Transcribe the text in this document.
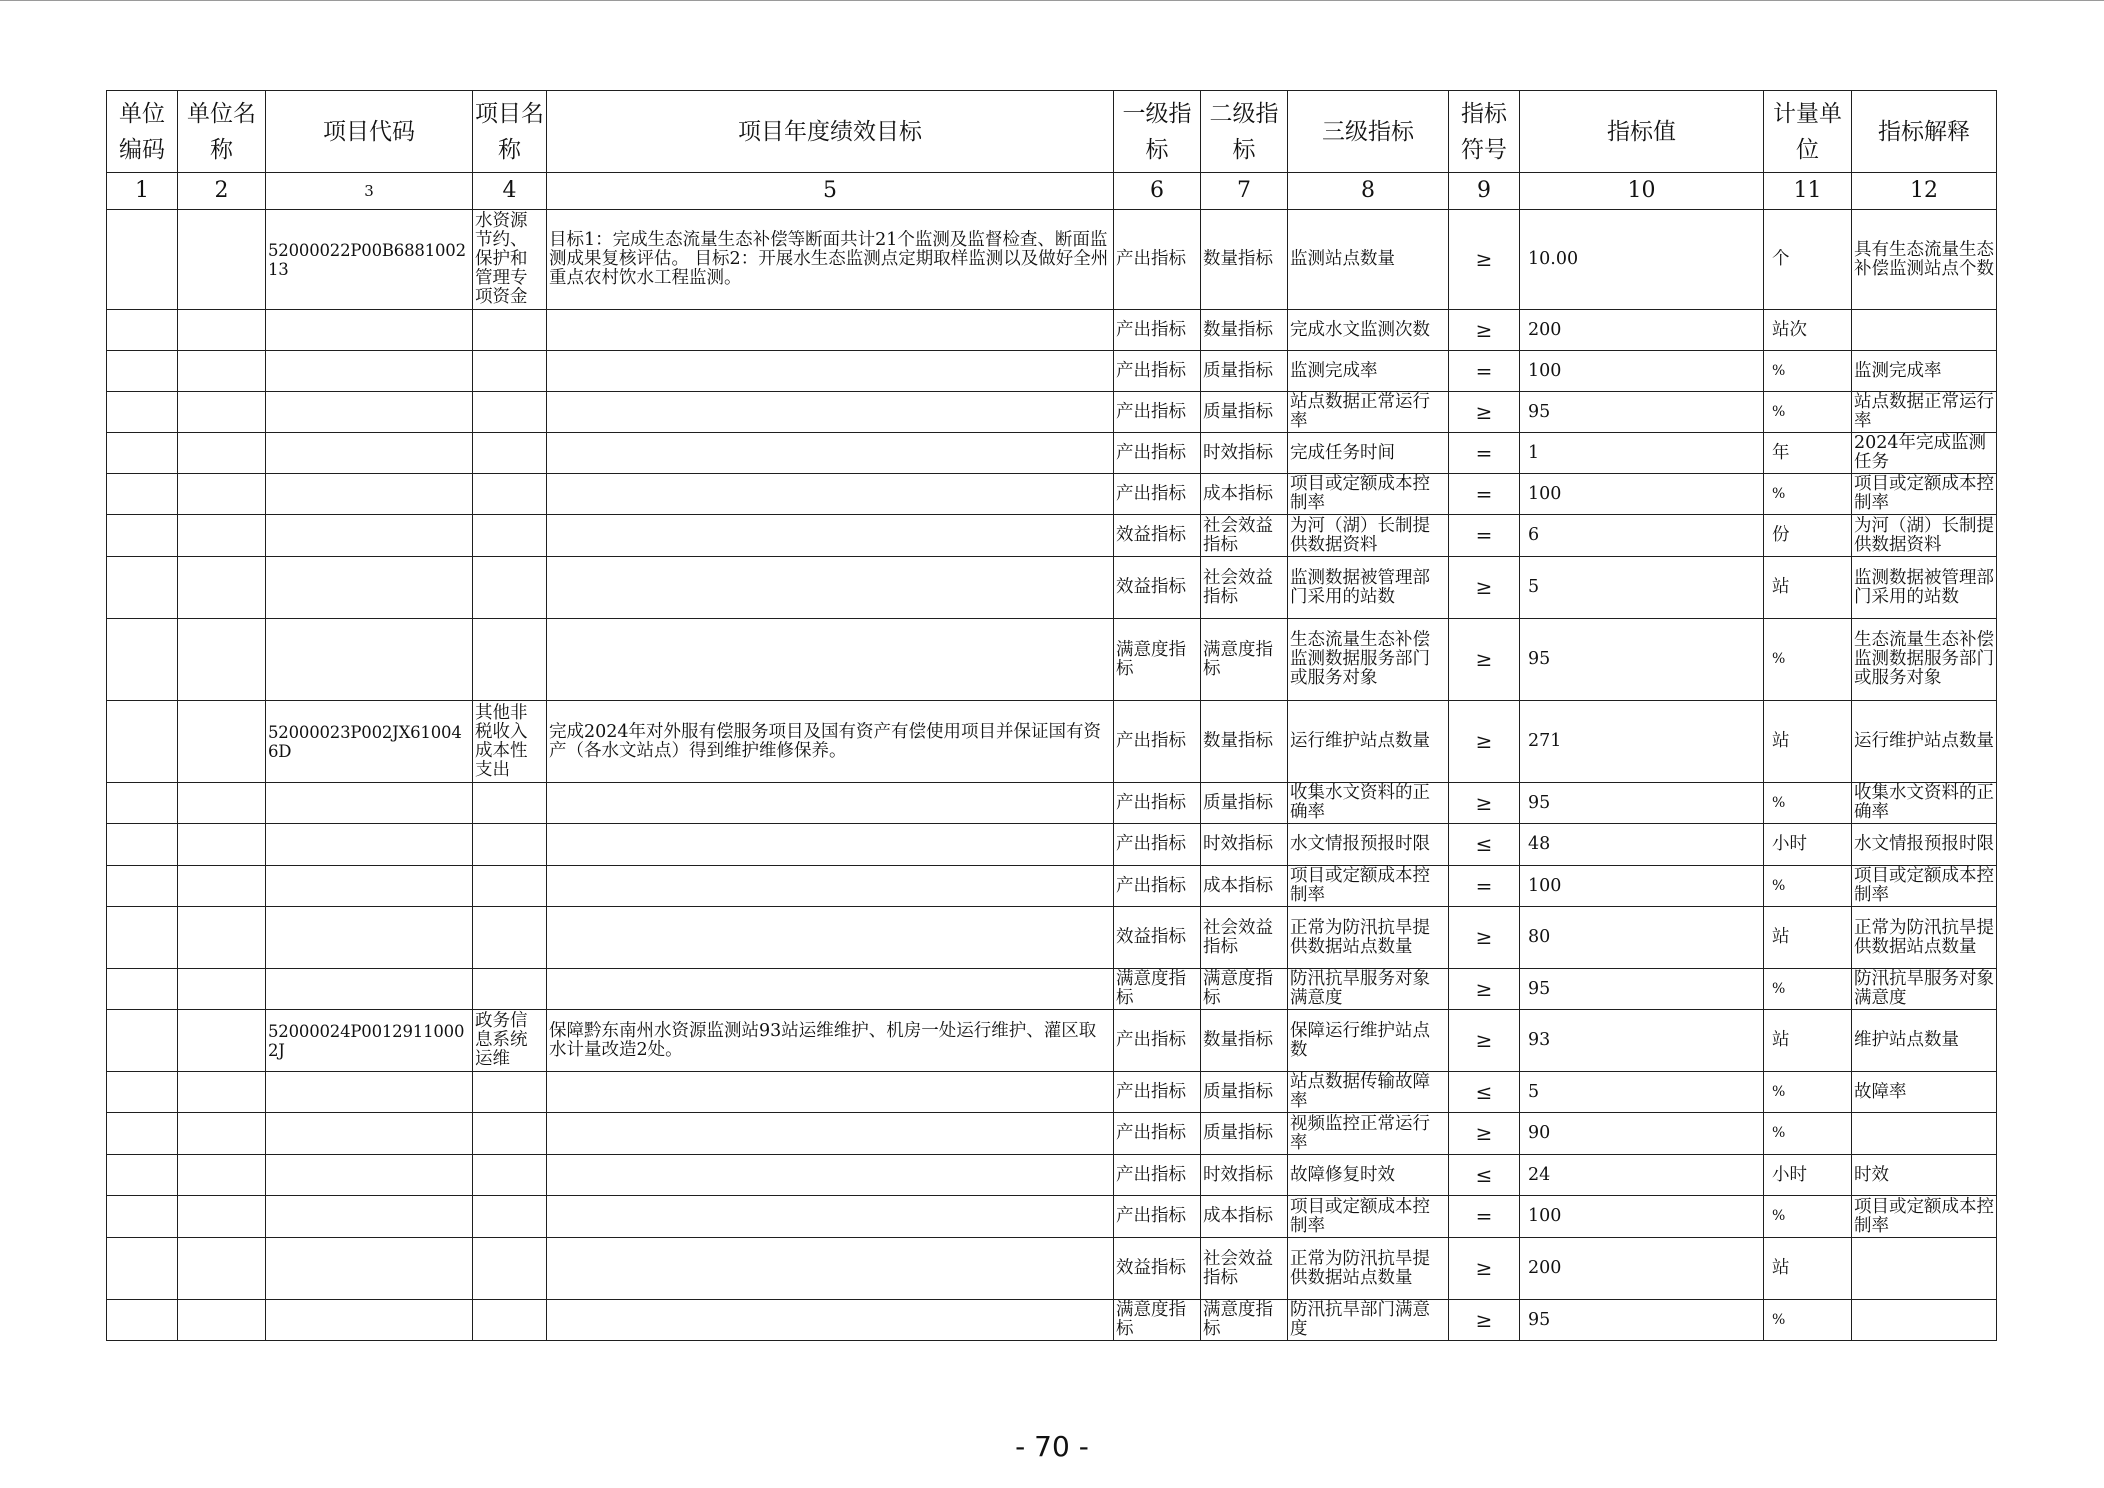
单位编码	单位名称	项目代码	项目名称	项目年度绩效目标	一级指标	二级指标	三级指标	指标符号	指标值	计量单位	指标解释
1	2	3	4	5	6	7	8	9	10	11	12
		52000022P00B688100213	水资源节约、保护和管理专项资金	目标1：完成生态流量生态补偿等断面共计21个监测及监督检查、断面监测成果复核评估。 目标2：开展水生态监测点定期取样监测以及做好全州重点农村饮水工程监测。	产出指标	数量指标	监测站点数量	≥	10.00	个	具有生态流量生态补偿监测站点个数
					产出指标	数量指标	完成水文监测次数	≥	200	站次	
					产出指标	质量指标	监测完成率	=	100	%	监测完成率
					产出指标	质量指标	站点数据正常运行率	≥	95	%	站点数据正常运行率
					产出指标	时效指标	完成任务时间	=	1	年	2024年完成监测任务
					产出指标	成本指标	项目或定额成本控制率	=	100	%	项目或定额成本控制率
					效益指标	社会效益指标	为河（湖）长制提供数据资料	=	6	份	为河（湖）长制提供数据资料
					效益指标	社会效益指标	监测数据被管理部门采用的站数	≥	5	站	监测数据被管理部门采用的站数
					满意度指标	满意度指标	生态流量生态补偿监测数据服务部门或服务对象	≥	95	%	生态流量生态补偿监测数据服务部门或服务对象
		52000023P002JX610046D	其他非税收入成本性支出	完成2024年对外服有偿服务项目及国有资产有偿使用项目并保证国有资产（各水文站点）得到维护维修保养。	产出指标	数量指标	运行维护站点数量	≥	271	站	运行维护站点数量
					产出指标	质量指标	收集水文资料的正确率	≥	95	%	收集水文资料的正确率
					产出指标	时效指标	水文情报预报时限	≤	48	小时	水文情报预报时限
					产出指标	成本指标	项目或定额成本控制率	=	100	%	项目或定额成本控制率
					效益指标	社会效益指标	正常为防汛抗旱提供数据站点数量	≥	80	站	正常为防汛抗旱提供数据站点数量
					满意度指标	满意度指标	防汛抗旱服务对象满意度	≥	95	%	防汛抗旱服务对象满意度
		52000024P00129110002J	政务信息系统运维	保障黔东南州水资源监测站93站运维维护、机房一处运行维护、灌区取水计量改造2处。	产出指标	数量指标	保障运行维护站点数	≥	93	站	维护站点数量
					产出指标	质量指标	站点数据传输故障率	≤	5	%	故障率
					产出指标	质量指标	视频监控正常运行率	≥	90	%	
					产出指标	时效指标	故障修复时效	≤	24	小时	时效
					产出指标	成本指标	项目或定额成本控制率	=	100	%	项目或定额成本控制率
					效益指标	社会效益指标	正常为防汛抗旱提供数据站点数量	≥	200	站	
					满意度指标	满意度指标	防汛抗旱部门满意度	≥	95	%	
- 70 -
